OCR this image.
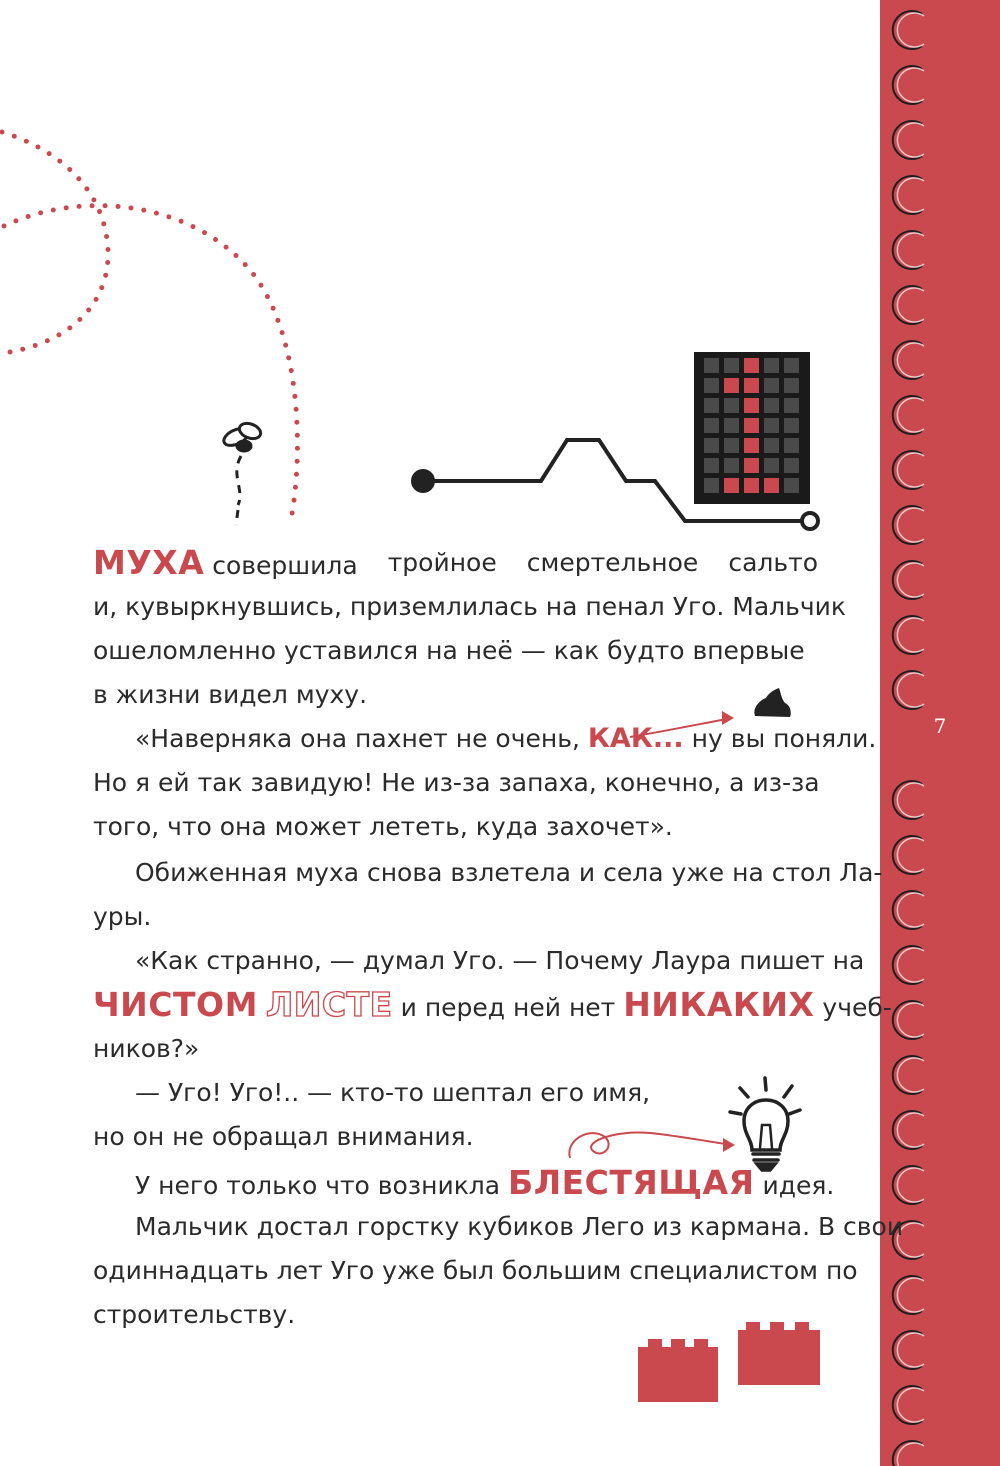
7
МУХА совершила тройное смертельное сальто
и, кувыркнувшись, приземлилась на пенал Уго. Мальчик
ошеломленно уставился на неё — как будто впервые
в жизни видел муху.
«Наверняка она пахнет не очень, КАК... ну вы поняли.
Но я ей так завидую! Не из-за запаха, конечно, а из-за
того, что она может лететь, куда захочет».
Обиженная муха снова взлетела и села уже на стол Ла-
уры.
«Как странно, — думал Уго. — Почему Лаура пишет на
ЧИСТОМ ЛИСТЕ и перед ней нет НИКАКИХ учеб-
ников?»
— Уго! Уго!.. — кто-то шептал его имя,
но он не обращал внимания.
У него только что возникла БЛЕСТЯЩАЯ идея.
Мальчик достал горстку кубиков Лего из кармана. В свои
одиннадцать лет Уго уже был большим специалистом по
строительству.
